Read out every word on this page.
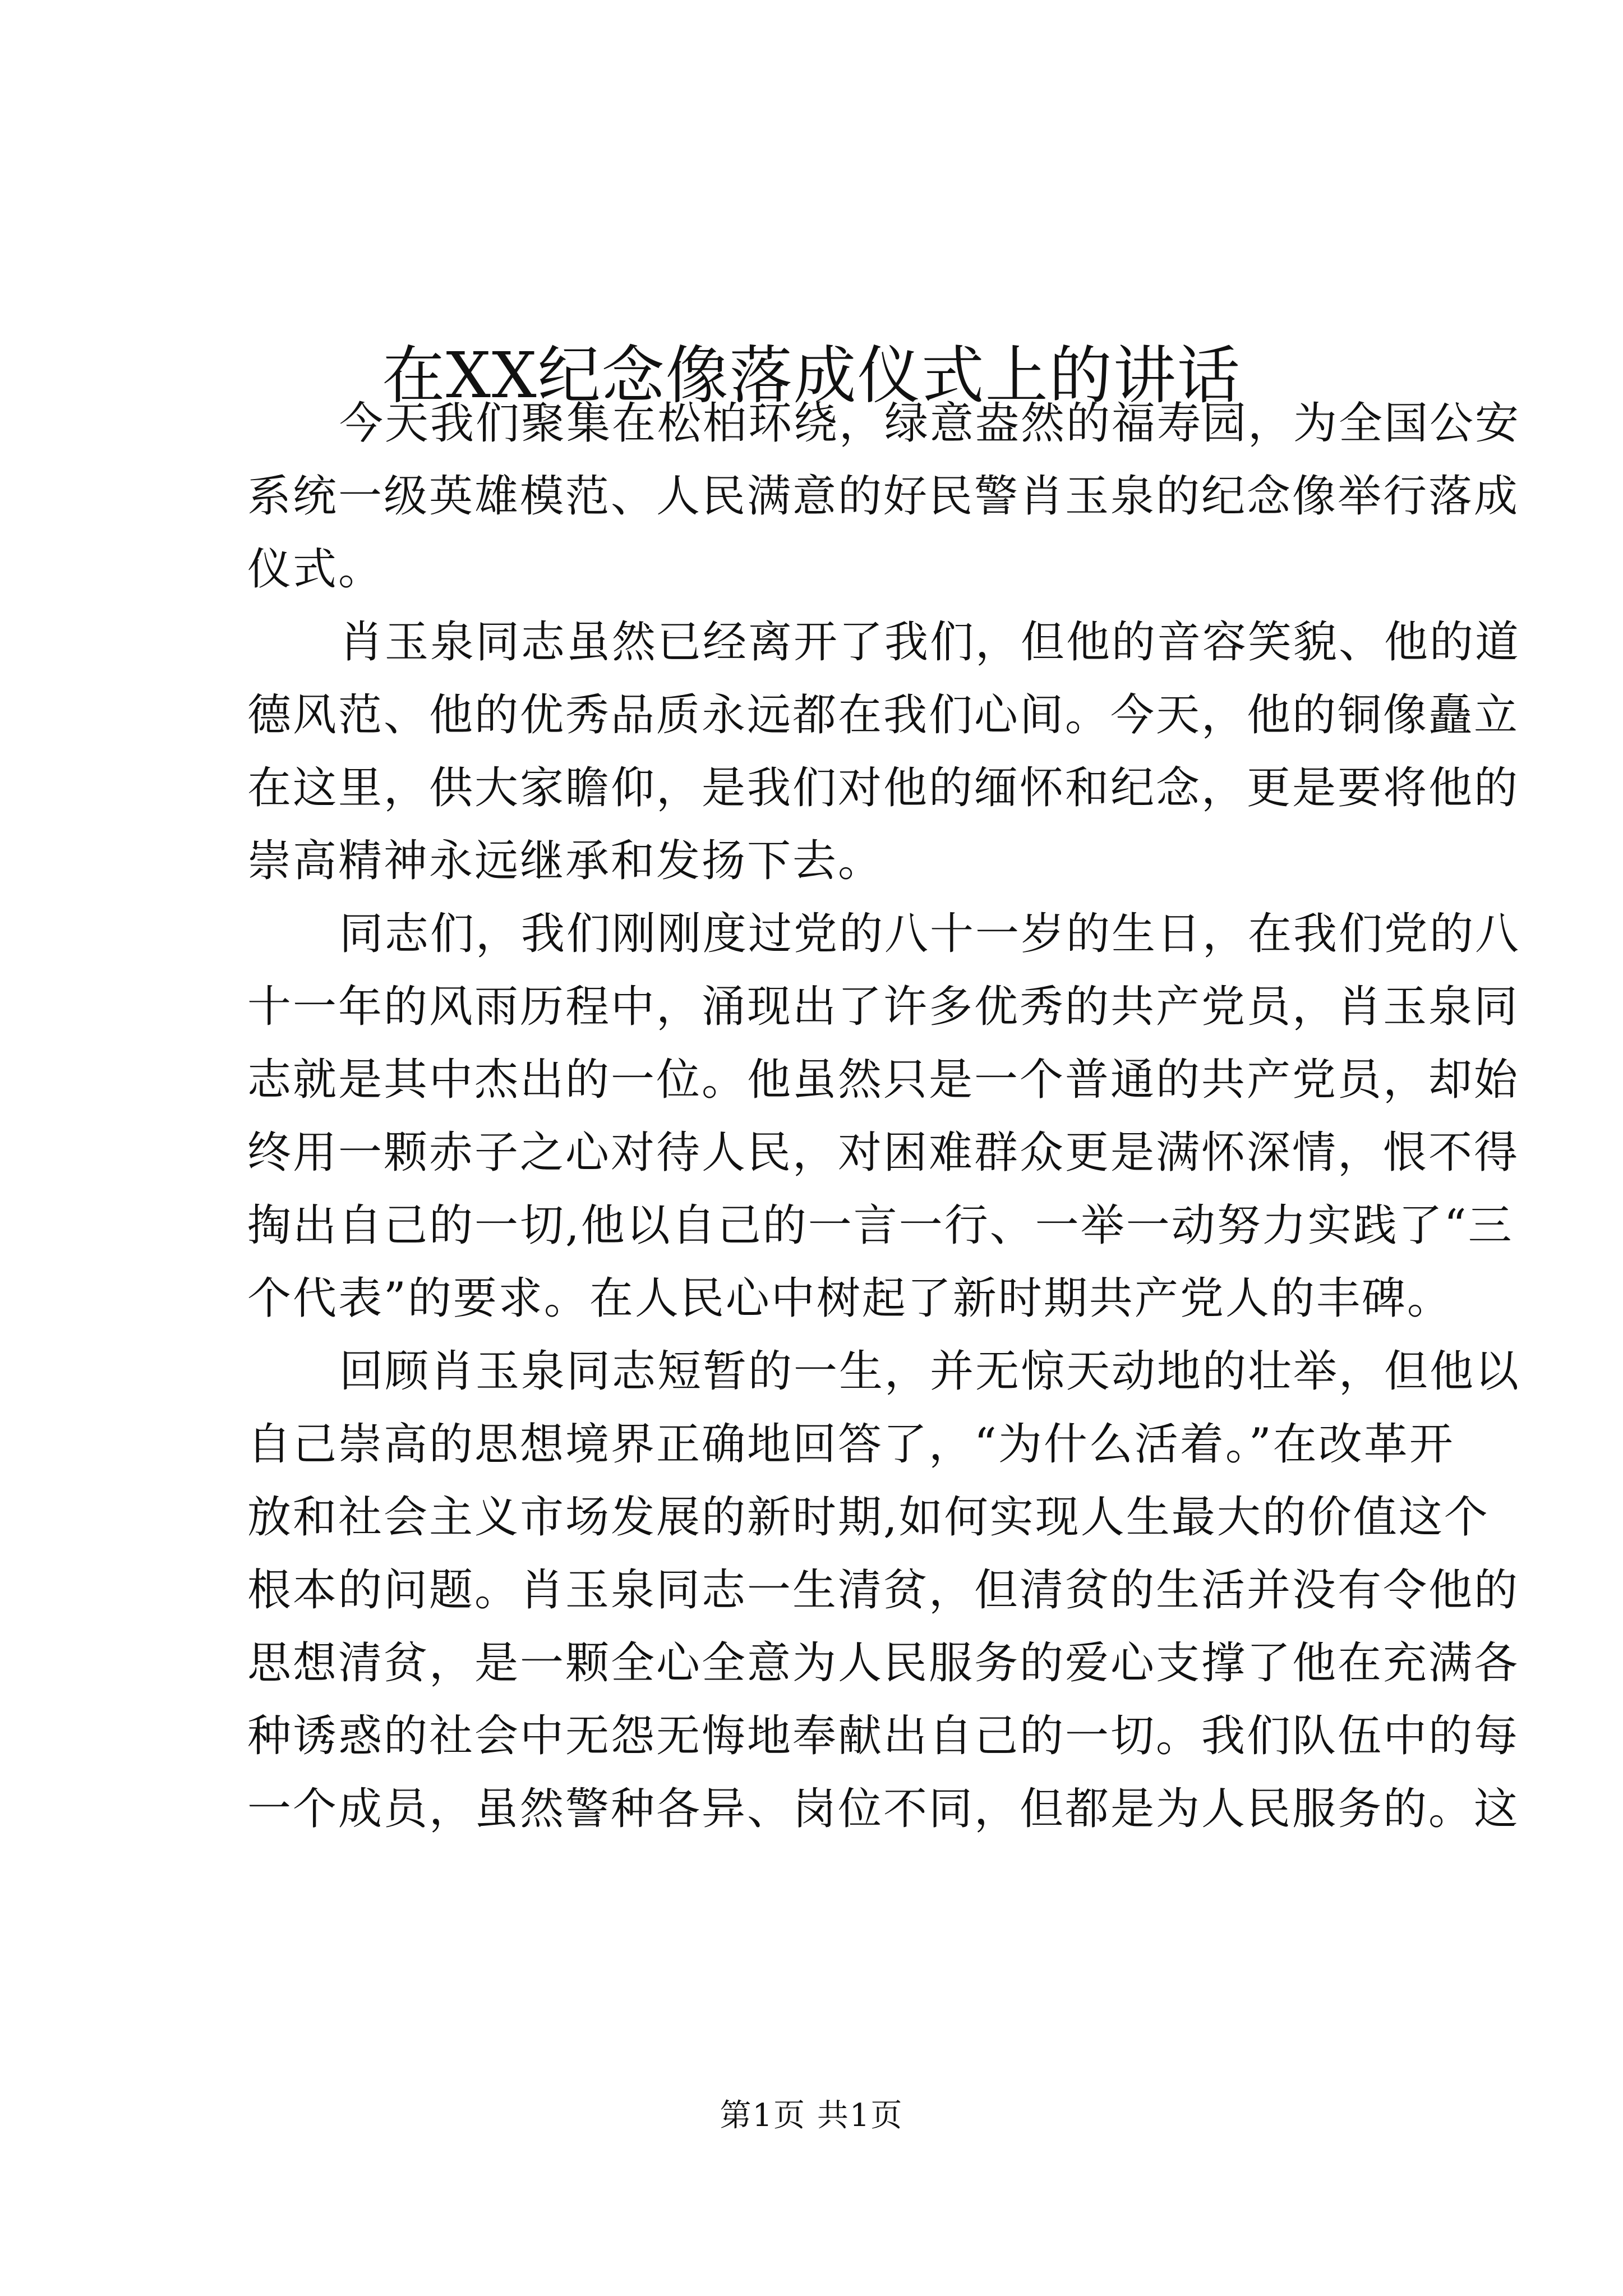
在XX纪念像落成仪式上的讲话

今天我们聚集在松柏环绕，绿意盎然的福寿园，为全国公安
系统一级英雄模范、人民满意的好民警肖玉泉的纪念像举行落成
仪式。

肖玉泉同志虽然已经离开了我们，但他的音容笑貌、他的道
德风范、他的优秀品质永远都在我们心间。今天，他的铜像矗立
在这里，供大家瞻仰，是我们对他的缅怀和纪念，更是要将他的
崇高精神永远继承和发扬下去。

同志们，我们刚刚度过党的八十一岁的生日，在我们党的八
十一年的风雨历程中，涌现出了许多优秀的共产党员，肖玉泉同
志就是其中杰出的一位。他虽然只是一个普通的共产党员，却始
终用一颗赤子之心对待人民，对困难群众更是满怀深情，恨不得
掏出自己的一切,他以自己的一言一行、一举一动努力实践了“三
个代表”的要求。在人民心中树起了新时期共产党人的丰碑。

回顾肖玉泉同志短暂的一生，并无惊天动地的壮举，但他以
自己崇高的思想境界正确地回答了，“为什么活着。”在改革开
放和社会主义市场发展的新时期,如何实现人生最大的价值这个
根本的问题。肖玉泉同志一生清贫，但清贫的生活并没有令他的
思想清贫，是一颗全心全意为人民服务的爱心支撑了他在充满各
种诱惑的社会中无怨无悔地奉献出自己的一切。我们队伍中的每
一个成员，虽然警种各异、岗位不同，但都是为人民服务的。这

第1页 共1页
